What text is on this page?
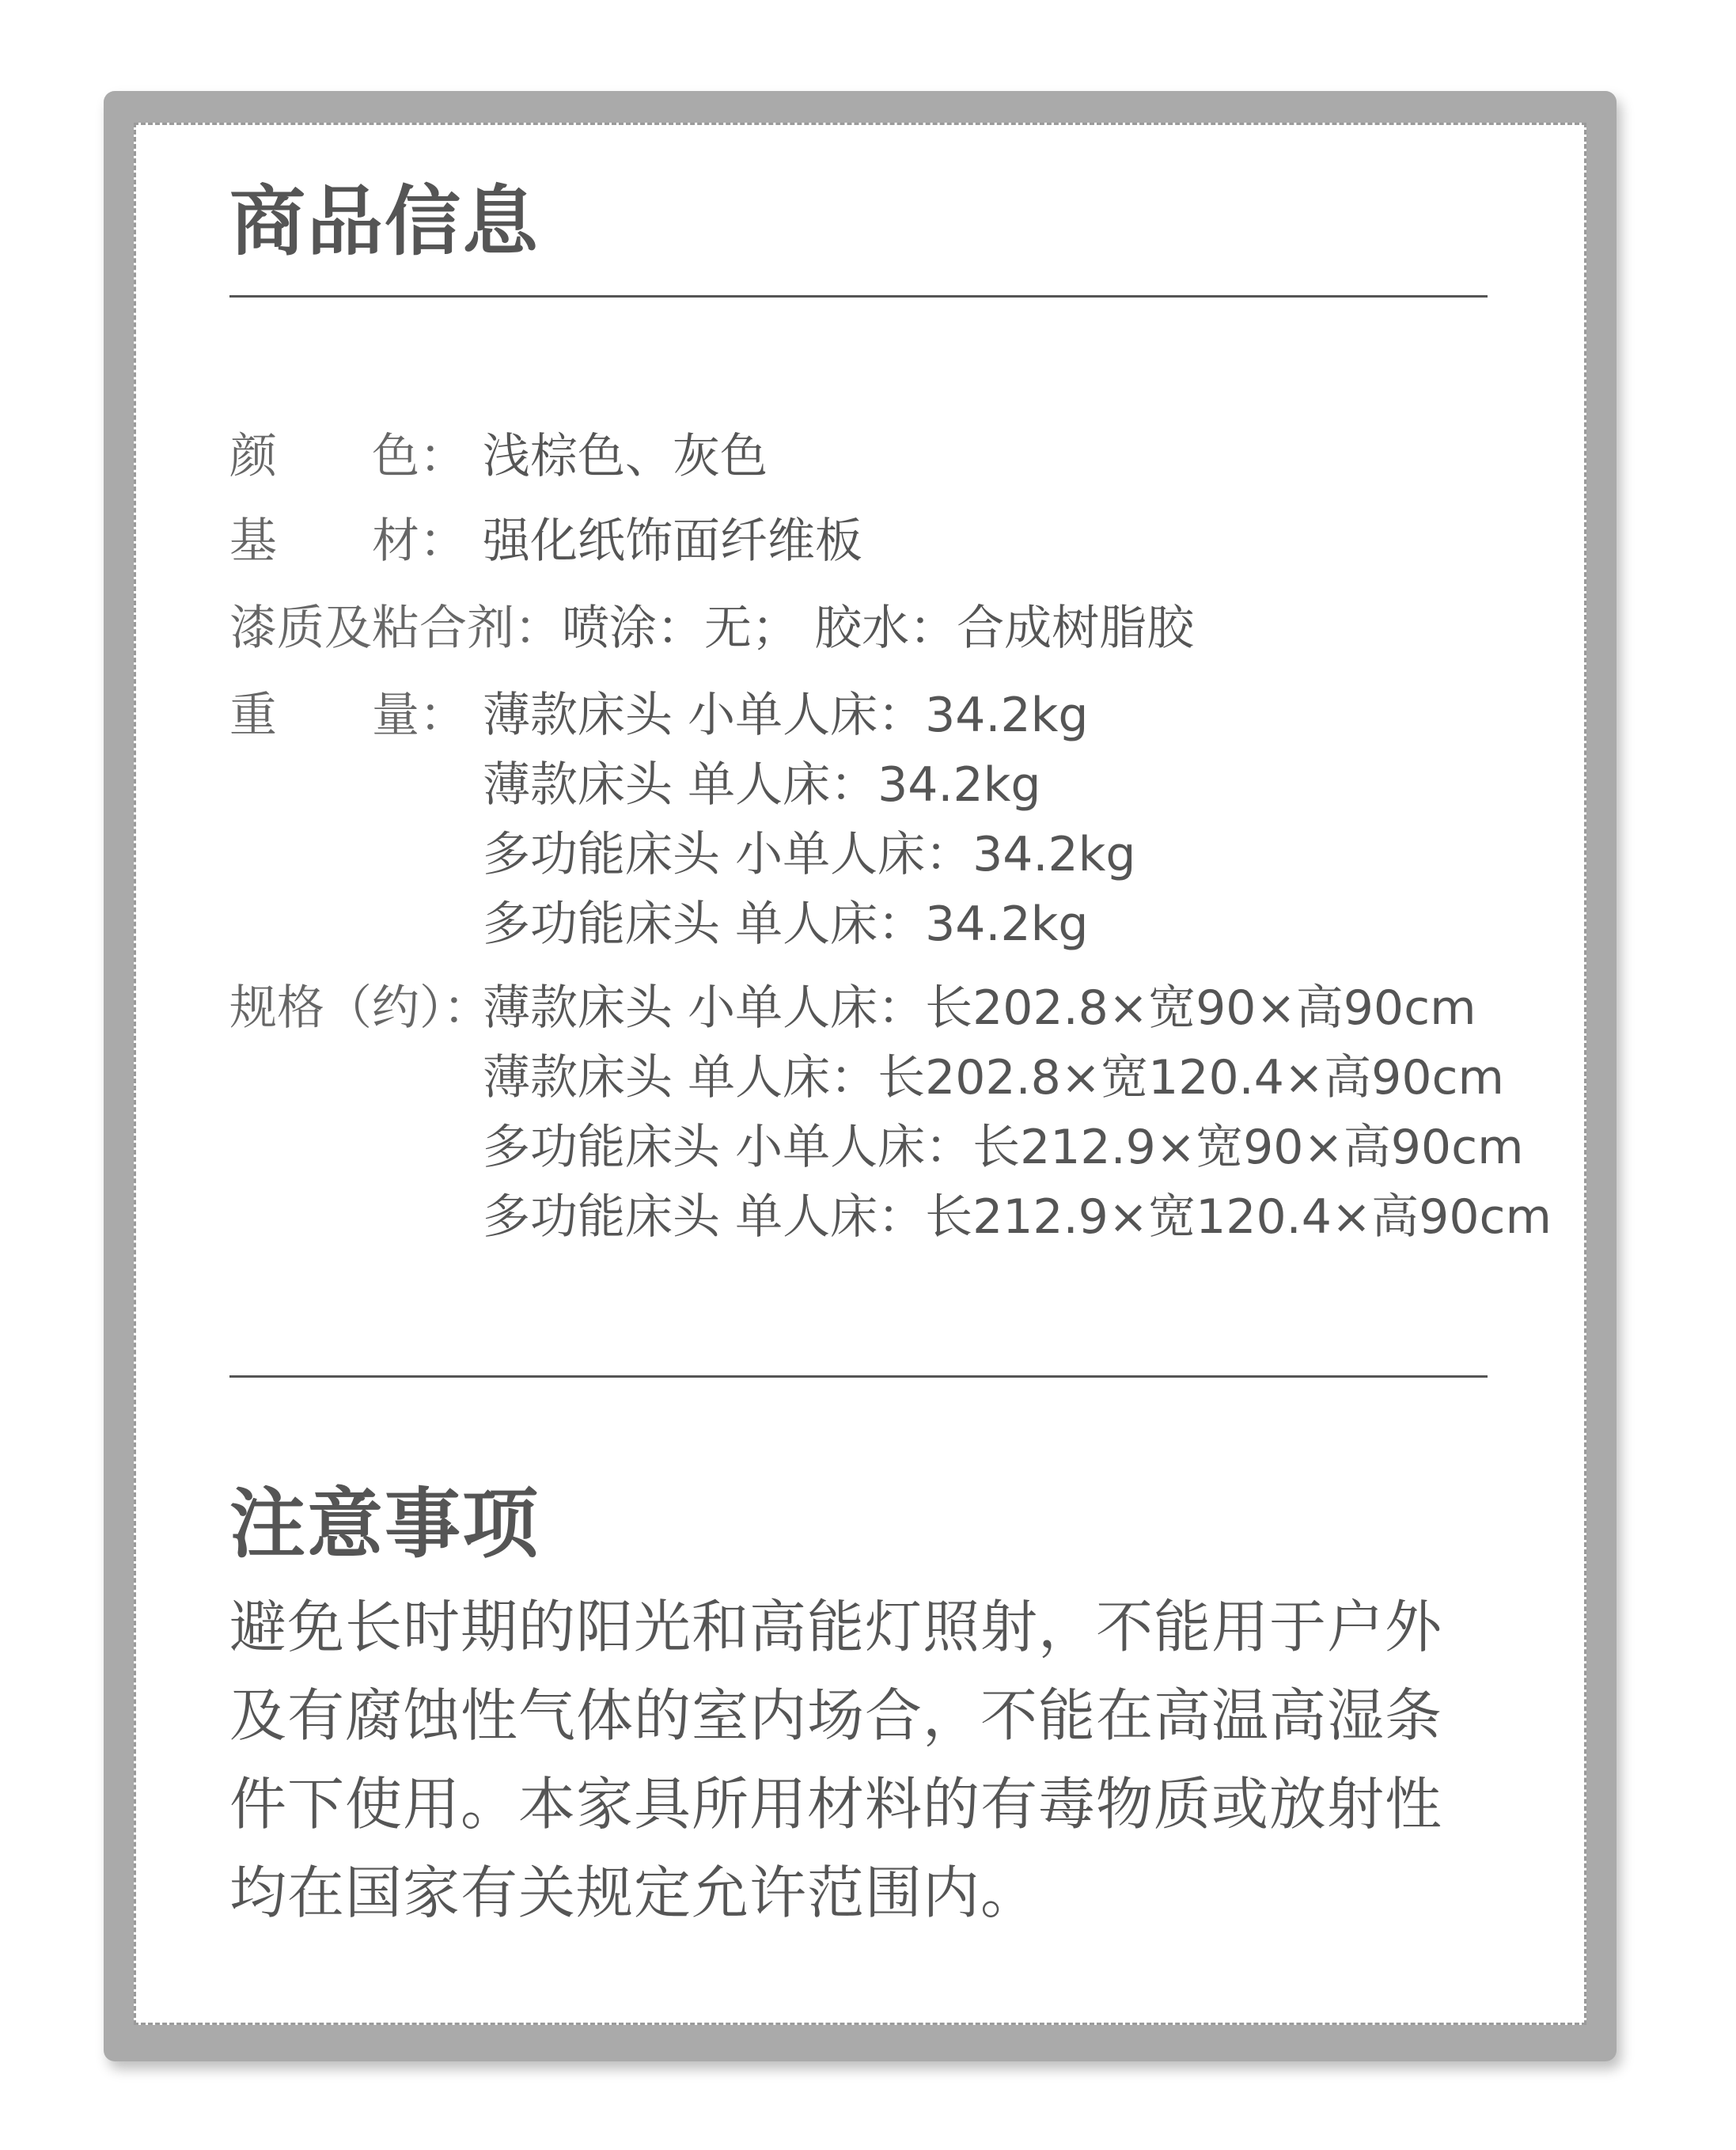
商品信息
颜　　色： 浅棕色、灰色
基　　材： 强化纸饰面纤维板
漆质及粘合剂： 喷涂：无； 胶水：合成树脂胶
重　　量： 薄款床头 小单人床：34.2kg
薄款床头 单人床：34.2kg
多功能床头 小单人床：34.2kg
多功能床头 单人床：34.2kg
规格（约）：
薄款床头 小单人床：长202.8×宽90×高90cm
薄款床头 单人床：长202.8×宽120.4×高90cm
多功能床头 小单人床：长212.9×宽90×高90cm
多功能床头 单人床：长212.9×宽120.4×高90cm
注意事项

避免长时期的阳光和高能灯照射，不能用于户外及有腐蚀性气体的室内场合，不能在高温高湿条件下使用。本家具所用材料的有毒物质或放射性均在国家有关规定允许范围内。
